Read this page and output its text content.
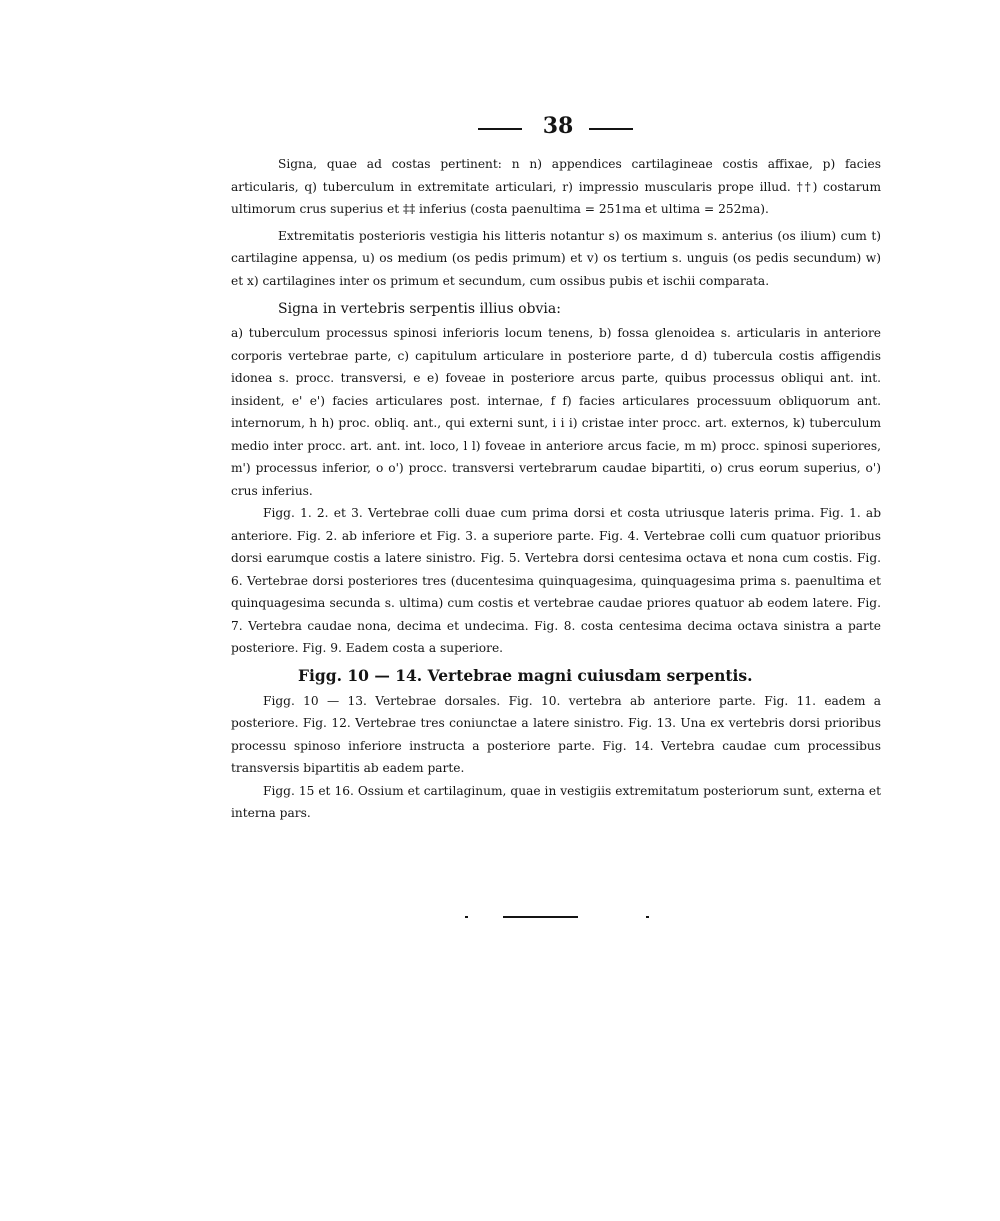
38

Signa, quae ad costas pertinent: n n) appendices cartilagineae costis affixae, p) facies articularis, q) tuberculum in extremitate articulari, r) impressio muscularis prope illud. ††) costarum ultimorum crus superius et ‡‡ inferius (costa paenultima = 251ma et ultima = 252ma).

Extremitatis posterioris vestigia his litteris notantur s) os maximum s. anterius (os ilium) cum t) cartilagine appensa, u) os medium (os pedis primum) et v) os tertium s. unguis (os pedis secundum) w) et x) cartilagines inter os primum et secundum, cum ossibus pubis et ischii comparata.

Signa in vertebris serpentis illius obvia:

a) tuberculum processus spinosi inferioris locum tenens, b) fossa glenoidea s. articularis in anteriore corporis vertebrae parte, c) capitulum articulare in posteriore parte, d d) tubercula costis affigendis idonea s. procc. transversi, e e) foveae in posteriore arcus parte, quibus processus obliqui ant. int. insident, e' e') facies articulares post. internae, f f) facies articulares processuum obliquorum ant. internorum, h h) proc. obliq. ant., qui externi sunt, i i i) cristae inter procc. art. externos, k) tuberculum medio inter procc. art. ant. int. loco, l l) foveae in anteriore arcus facie, m m) procc. spinosi superiores, m') processus inferior, o o') procc. transversi vertebrarum caudae bipartiti, o) crus eorum superius, o') crus inferius.

Figg. 1. 2. et 3. Vertebrae colli duae cum prima dorsi et costa utriusque lateris prima. Fig. 1. ab anteriore. Fig. 2. ab inferiore et Fig. 3. a superiore parte. Fig. 4. Vertebrae colli cum quatuor prioribus dorsi earumque costis a latere sinistro. Fig. 5. Vertebra dorsi centesima octava et nona cum costis. Fig. 6. Vertebrae dorsi posteriores tres (ducentesima quinquagesima, quinquagesima prima s. paenultima et quinquagesima secunda s. ultima) cum costis et vertebrae caudae priores quatuor ab eodem latere. Fig. 7. Vertebra caudae nona, decima et undecima. Fig. 8. costa centesima decima octava sinistra a parte posteriore. Fig. 9. Eadem costa a superiore.

Figg. 10 — 14. Vertebrae magni cuiusdam serpentis.

Figg. 10 — 13. Vertebrae dorsales. Fig. 10. vertebra ab anteriore parte. Fig. 11. eadem a posteriore. Fig. 12. Vertebrae tres coniunctae a latere sinistro. Fig. 13. Una ex vertebris dorsi prioribus processu spinoso inferiore instructa a posteriore parte. Fig. 14. Vertebra caudae cum processibus transversis bipartitis ab eadem parte.

Figg. 15 et 16. Ossium et cartilaginum, quae in vestigiis extremitatum posteriorum sunt, externa et interna pars.
